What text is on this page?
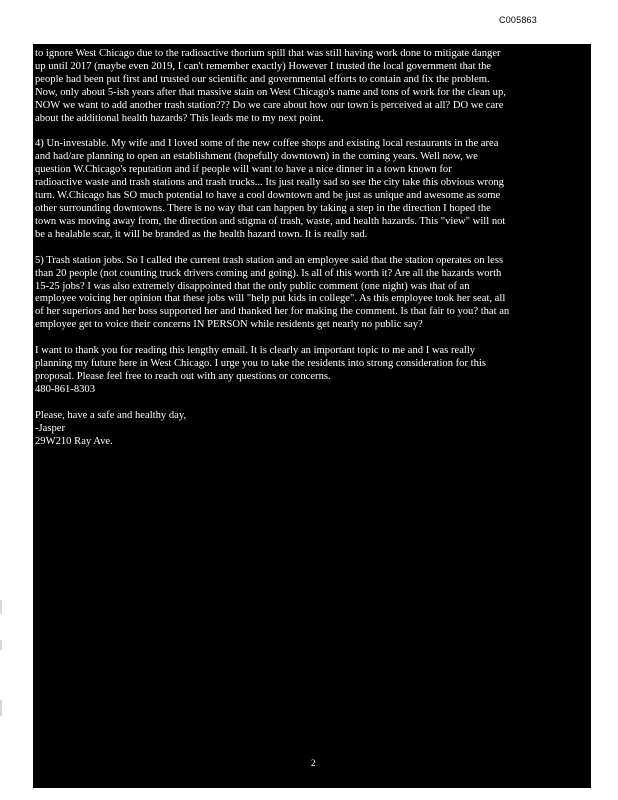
C005863

to ignore West Chicago due to the radioactive thorium spill that was still having work done to mitigate danger
up until 2017 (maybe even 2019, I can't remember exactly) However I trusted the local government that the
people had been put first and trusted our scientific and governmental efforts to contain and fix the problem.
Now, only about 5-ish years after that massive stain on West Chicago's name and tons of work for the clean up,
NOW we want to add another trash station??? Do we care about how our town is perceived at all? DO we care
about the additional health hazards? This leads me to my next point.

4) Un-investable. My wife and I loved some of the new coffee shops and existing local restaurants in the area
and had/are planning to open an establishment (hopefully downtown) in the coming years. Well now, we
question W.Chicago's reputation and if people will want to have a nice dinner in a town known for
radioactive waste and trash stations and trash trucks... Its just really sad so see the city take this obvious wrong
turn. W.Chicago has SO much potential to have a cool downtown and be just as unique and awesome as some
other surrounding downtowns. There is no way that can happen by taking a step in the direction I hoped the
town was moving away from, the direction and stigma of trash, waste, and health hazards. This "view" will not
be a healable scar, it will be branded as the health hazard town. It is really sad.

5) Trash station jobs. So I called the current trash station and an employee said that the station operates on less
than 20 people (not counting truck drivers coming and going). Is all of this worth it? Are all the hazards worth
15-25 jobs? I was also extremely disappointed that the only public comment (one night) was that of an
employee voicing her opinion that these jobs will "help put kids in college". As this employee took her seat, all
of her superiors and her boss supported her and thanked her for making the comment. Is that fair to you? that an
employee get to voice their concerns IN PERSON while residents get nearly no public say?

I want to thank you for reading this lengthy email. It is clearly an important topic to me and I was really
planning my future here in West Chicago. I urge you to take the residents into strong consideration for this
proposal. Please feel free to reach out with any questions or concerns.
480-861-8303

Please, have a safe and healthy day,
-Jasper
29W210 Ray Ave.

2
